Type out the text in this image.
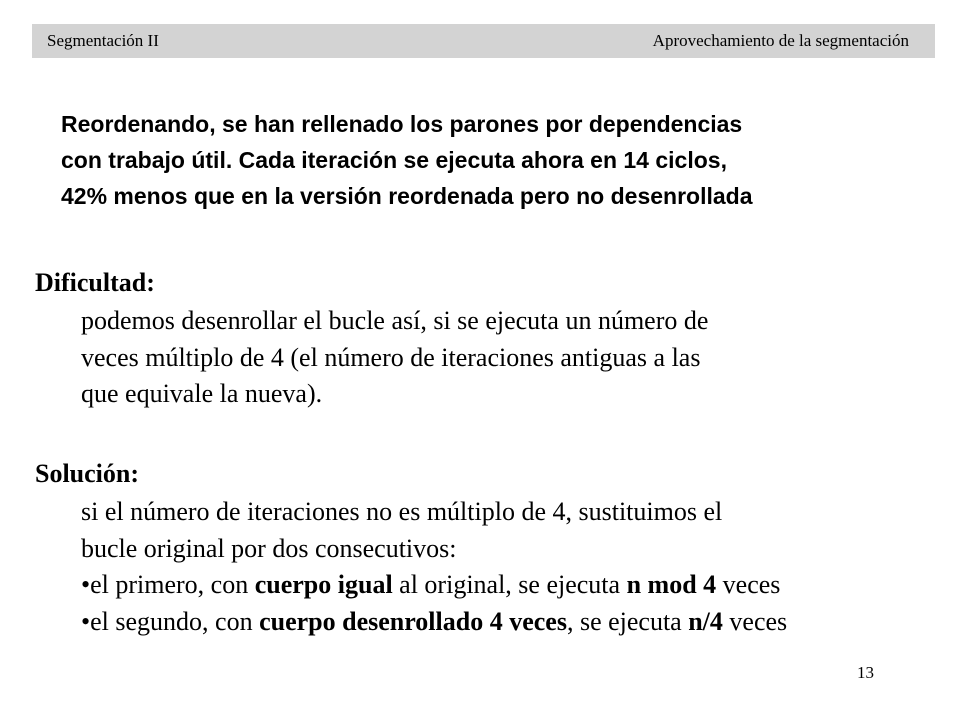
Segmentación II	Aprovechamiento de la segmentación
Reordenando, se han rellenado los parones por dependencias
con trabajo útil. Cada iteración se ejecuta ahora en 14 ciclos,
42% menos que en la versión reordenada pero no desenrollada
Dificultad:
podemos desenrollar el bucle así, si se ejecuta un número de
veces múltiplo de 4 (el número de iteraciones antiguas a las
que equivale la nueva).
Solución:
si el número de iteraciones no es múltiplo de 4, sustituimos el
bucle original por dos consecutivos:
•el primero, con cuerpo igual al original, se ejecuta n mod 4 veces
•el segundo, con cuerpo desenrollado 4 veces, se ejecuta n/4 veces
13
